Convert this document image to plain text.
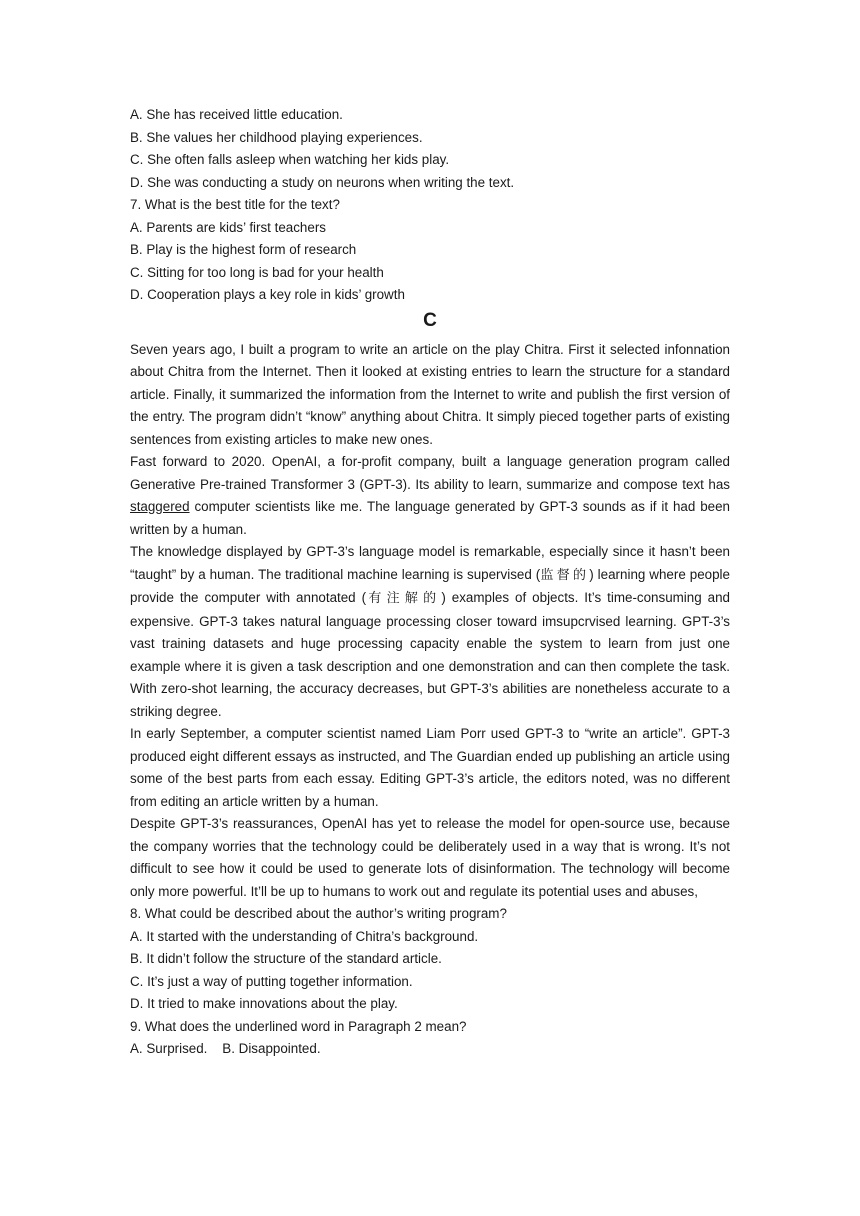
A. She has received little education.

B. She values her childhood playing experiences.

C. She often falls asleep when watching her kids play.

D. She was conducting a study on neurons when writing the text.

7. What is the best title for the text?

A. Parents are kids’ first teachers

B. Play is the highest form of research

C. Sitting for too long is bad for your health

D. Cooperation plays a key role in kids’ growth

C

Seven years ago, I built a program to write an article on the play Chitra. First it selected infonnation about Chitra from the Internet. Then it looked at existing entries to learn the structure for a standard article. Finally, it summarized the information from the Internet to write and publish the first version of the entry. The program didn’t “know” anything about Chitra. It simply pieced together parts of existing sentences from existing articles to make new ones.

Fast forward to 2020. OpenAI, a for-profit company, built a language generation program called Generative Pre-trained Transformer 3 (GPT-3). Its ability to learn, summarize and compose text has staggered computer scientists like me. The language generated by GPT-3 sounds as if it had been written by a human.

The knowledge displayed by GPT-3’s language model is remarkable, especially since it hasn’t been “taught” by a human. The traditional machine learning is supervised (监督的) learning where people provide the computer with annotated (有注解的) examples of objects. It’s time-consuming and expensive. GPT-3 takes natural language processing closer toward imsupcrvised learning. GPT-3’s vast training datasets and huge processing capacity enable the system to learn from just one example where it is given a task description and one demonstration and can then complete the task. With zero-shot learning, the accuracy decreases, but GPT-3’s abilities are nonetheless accurate to a striking degree.

In early September, a computer scientist named Liam Porr used GPT-3 to “write an article”. GPT-3 produced eight different essays as instructed, and The Guardian ended up publishing an article using some of the best parts from each essay. Editing GPT-3’s article, the editors noted, was no different from editing an article written by a human.

Despite GPT-3’s reassurances, OpenAI has yet to release the model for open-source use, because the company worries that the technology could be deliberately used in a way that is wrong. It’s not difficult to see how it could be used to generate lots of disinformation. The technology will become only more powerful. It’ll be up to humans to work out and regulate its potential uses and abuses,

8. What could be described about the author’s writing program?

A. It started with the understanding of Chitra’s background.

B. It didn’t follow the structure of the standard article.

C. It’s just a way of putting together information.

D. It tried to make innovations about the play.

9. What does the underlined word in Paragraph 2 mean?

A. Surprised.    B. Disappointed.
